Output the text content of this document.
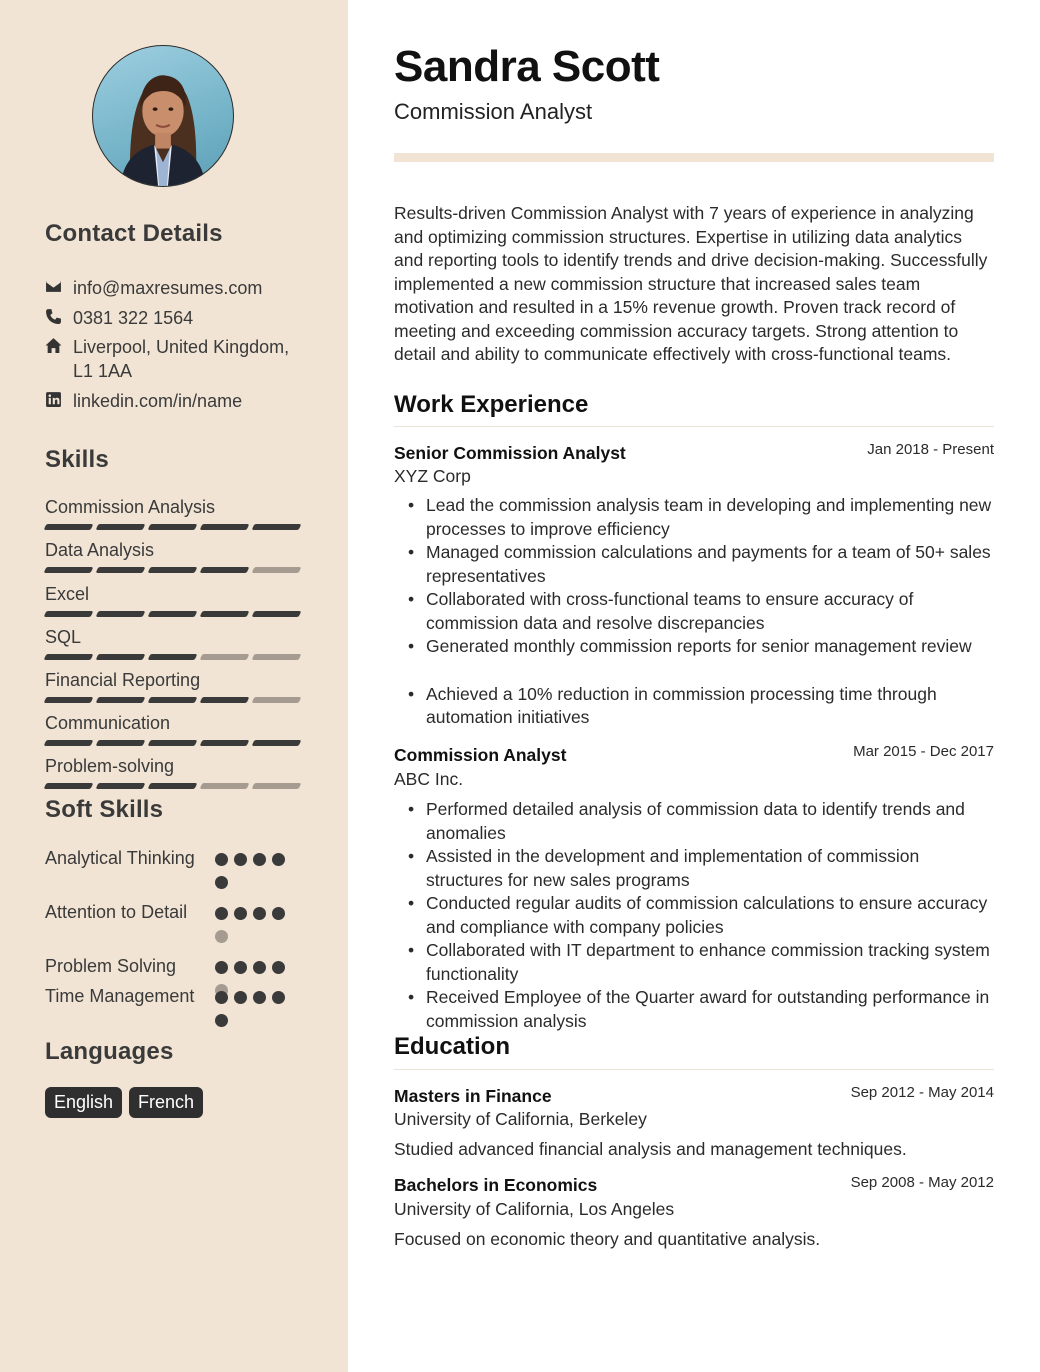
Contact Details
info@maxresumes.com
0381 322 1564
Liverpool, United Kingdom, L1 1AA
linkedin.com/in/name
Skills
Commission Analysis
Data Analysis
Excel
SQL
Financial Reporting
Communication
Problem-solving
Soft Skills
Analytical Thinking
Attention to Detail
Problem Solving
Time Management
Languages
English	French
Sandra Scott
Commission Analyst
Results-driven Commission Analyst with 7 years of experience in analyzing and optimizing commission structures. Expertise in utilizing data analytics and reporting tools to identify trends and drive decision-making. Successfully implemented a new commission structure that increased sales team motivation and resulted in a 15% revenue growth. Proven track record of meeting and exceeding commission accuracy targets. Strong attention to detail and ability to communicate effectively with cross-functional teams.
Work Experience
Senior Commission Analyst	Jan 2018 - Present
XYZ Corp
• Lead the commission analysis team in developing and implementing new processes to improve efficiency
• Managed commission calculations and payments for a team of 50+ sales representatives
• Collaborated with cross-functional teams to ensure accuracy of commission data and resolve discrepancies
• Generated monthly commission reports for senior management review
• Achieved a 10% reduction in commission processing time through automation initiatives
Commission Analyst	Mar 2015 - Dec 2017
ABC Inc.
• Performed detailed analysis of commission data to identify trends and anomalies
• Assisted in the development and implementation of commission structures for new sales programs
• Conducted regular audits of commission calculations to ensure accuracy and compliance with company policies
• Collaborated with IT department to enhance commission tracking system functionality
• Received Employee of the Quarter award for outstanding performance in commission analysis
Education
Masters in Finance	Sep 2012 - May 2014
University of California, Berkeley
Studied advanced financial analysis and management techniques.
Bachelors in Economics	Sep 2008 - May 2012
University of California, Los Angeles
Focused on economic theory and quantitative analysis.
